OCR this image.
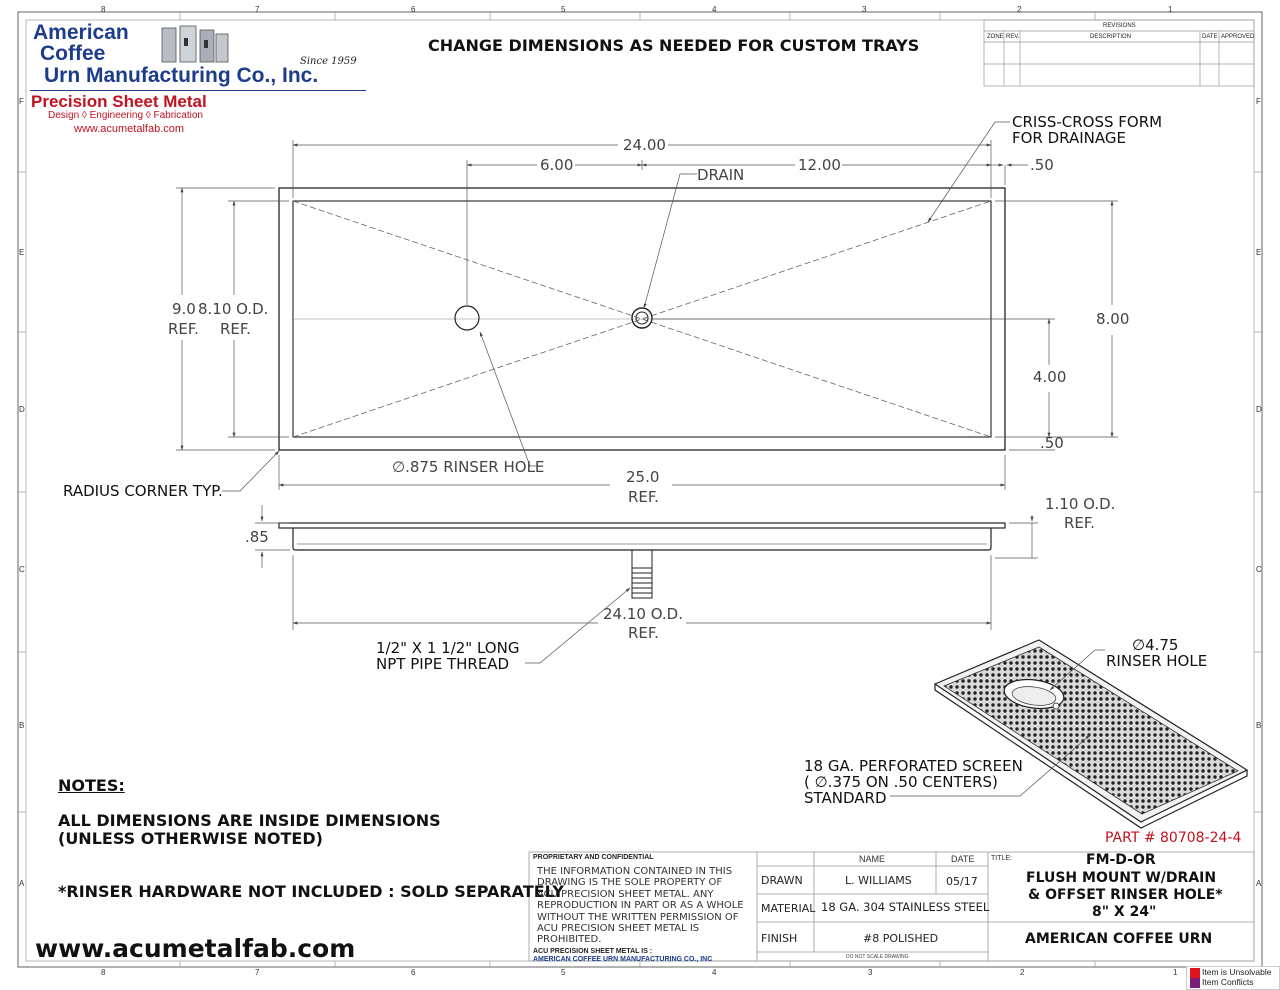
8	7	6	5	4	3	2	1
8	7	6	5	4	3	2	1
F
E
D
C
B
A
F
E
D
C
B
A
American
Coffee
Urn Manufacturing Co., Inc.
Since 1959
Precision Sheet Metal
Design ◊ Engineering ◊ Fabrication
www.acumetalfab.com
CHANGE DIMENSIONS AS NEEDED FOR CUSTOM TRAYS
REVISIONS
ZONE REV.	DESCRIPTION	DATE APPROVED
24.00
6.00	12.00
DRAIN
CRISS-CROSS FORM
FOR DRAINAGE
.50
9.0
REF.
8.10 O.D.
REF.
8.00
4.00
.50
∅.875 RINSER HOLE
25.0
REF.
RADIUS CORNER TYP.
.85
1.10 O.D.
REF.
24.10 O.D.
REF.
1/2" X 1 1/2" LONG
NPT PIPE THREAD
∅4.75
RINSER HOLE
18 GA. PERFORATED SCREEN
( ∅.375 ON .50 CENTERS)
STANDARD
NOTES:
ALL DIMENSIONS ARE INSIDE DIMENSIONS
(UNLESS OTHERWISE NOTED)
*RINSER HARDWARE NOT INCLUDED : SOLD SEPARATELY
www.acumetalfab.com
PART # 80708-24-4
PROPRIETARY AND CONFIDENTIAL
THE INFORMATION CONTAINED IN THIS
DRAWING IS THE SOLE PROPERTY OF
ACU PRECISION SHEET METAL. ANY
REPRODUCTION IN PART OR AS A WHOLE
WITHOUT THE WRITTEN PERMISSION OF
ACU PRECISION SHEET METAL IS
PROHIBITED.
ACU PRECISION SHEET METAL IS :
AMERICAN COFFEE URN MANUFACTURING CO., INC
NAME	DATE
DRAWN	L. WILLIAMS	05/17
MATERIAL 18 GA. 304 STAINLESS STEEL
FINISH	#8 POLISHED
DO NOT SCALE DRAWING
TITLE:	FM-D-OR
FLUSH MOUNT W/DRAIN
& OFFSET RINSER HOLE*
8" X 24"
AMERICAN COFFEE URN
Item is Unsolvable
Item Conflicts
